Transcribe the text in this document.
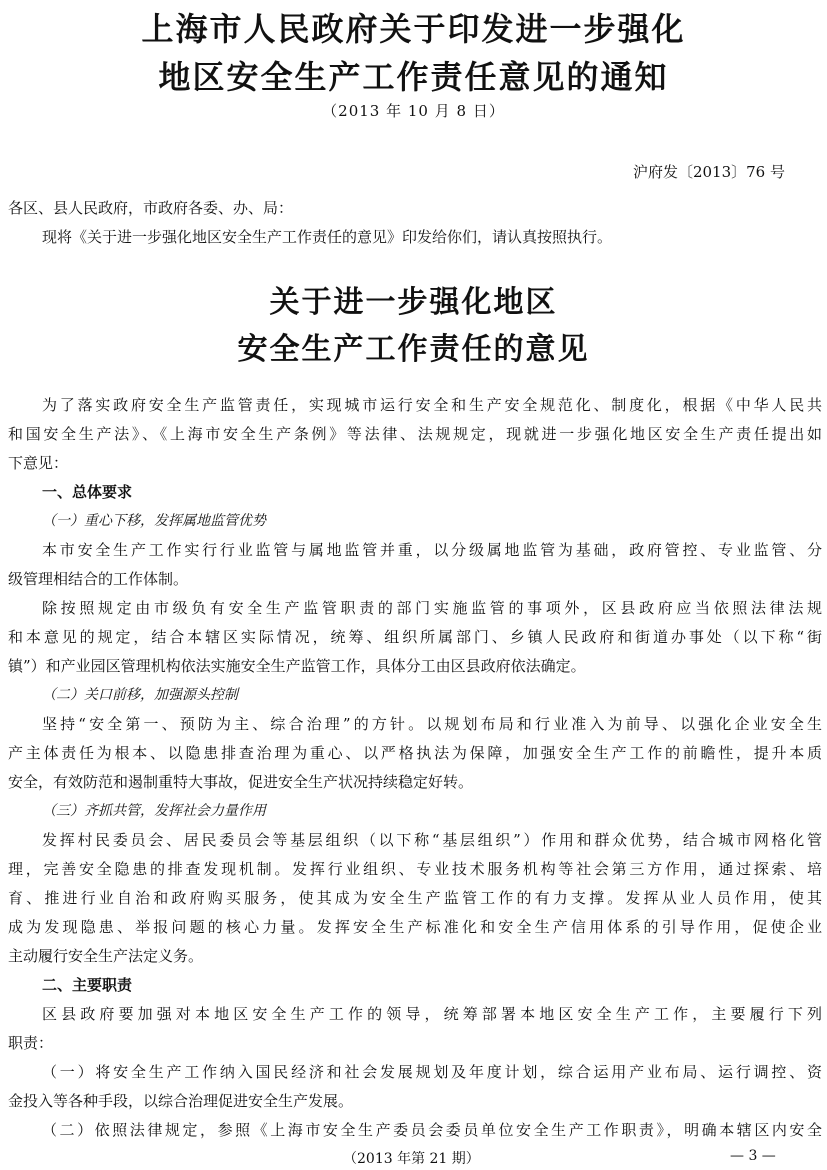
上海市人民政府关于印发进一步强化
地区安全生产工作责任意见的通知
（2013 年 10 月 8 日）
沪府发〔2013〕76 号
各区、县人民政府，市政府各委、办、局：
现将《关于进一步强化地区安全生产工作责任的意见》印发给你们，请认真按照执行。
关于进一步强化地区
安全生产工作责任的意见
为了落实政府安全生产监管责任，实现城市运行安全和生产安全规范化、制度化，根据《中华人民共
和国安全生产法》、《上海市安全生产条例》等法律、法规规定，现就进一步强化地区安全生产责任提出如
下意见：
一、总体要求
（一）重心下移，发挥属地监管优势
本市安全生产工作实行行业监管与属地监管并重，以分级属地监管为基础，政府管控、专业监管、分
级管理相结合的工作体制。
除按照规定由市级负有安全生产监管职责的部门实施监管的事项外，区县政府应当依照法律法规
和本意见的规定，结合本辖区实际情况，统筹、组织所属部门、乡镇人民政府和街道办事处（以下称“街
镇”）和产业园区管理机构依法实施安全生产监管工作，具体分工由区县政府依法确定。
（二）关口前移，加强源头控制
坚持“安全第一、预防为主、综合治理”的方针。以规划布局和行业准入为前导、以强化企业安全生
产主体责任为根本、以隐患排查治理为重心、以严格执法为保障，加强安全生产工作的前瞻性，提升本质
安全，有效防范和遏制重特大事故，促进安全生产状况持续稳定好转。
（三）齐抓共管，发挥社会力量作用
发挥村民委员会、居民委员会等基层组织（以下称“基层组织”）作用和群众优势，结合城市网格化管
理，完善安全隐患的排查发现机制。发挥行业组织、专业技术服务机构等社会第三方作用，通过探索、培
育、推进行业自治和政府购买服务，使其成为安全生产监管工作的有力支撑。发挥从业人员作用，使其
成为发现隐患、举报问题的核心力量。发挥安全生产标准化和安全生产信用体系的引导作用，促使企业
主动履行安全生产法定义务。
二、主要职责
区县政府要加强对本地区安全生产工作的领导，统筹部署本地区安全生产工作，主要履行下列
职责：
（一）将安全生产工作纳入国民经济和社会发展规划及年度计划，综合运用产业布局、运行调控、资
金投入等各种手段，以综合治理促进安全生产发展。
（二）依照法律规定，参照《上海市安全生产委员会委员单位安全生产工作职责》，明确本辖区内安全
（2013 年第 21 期）	— 3 —
